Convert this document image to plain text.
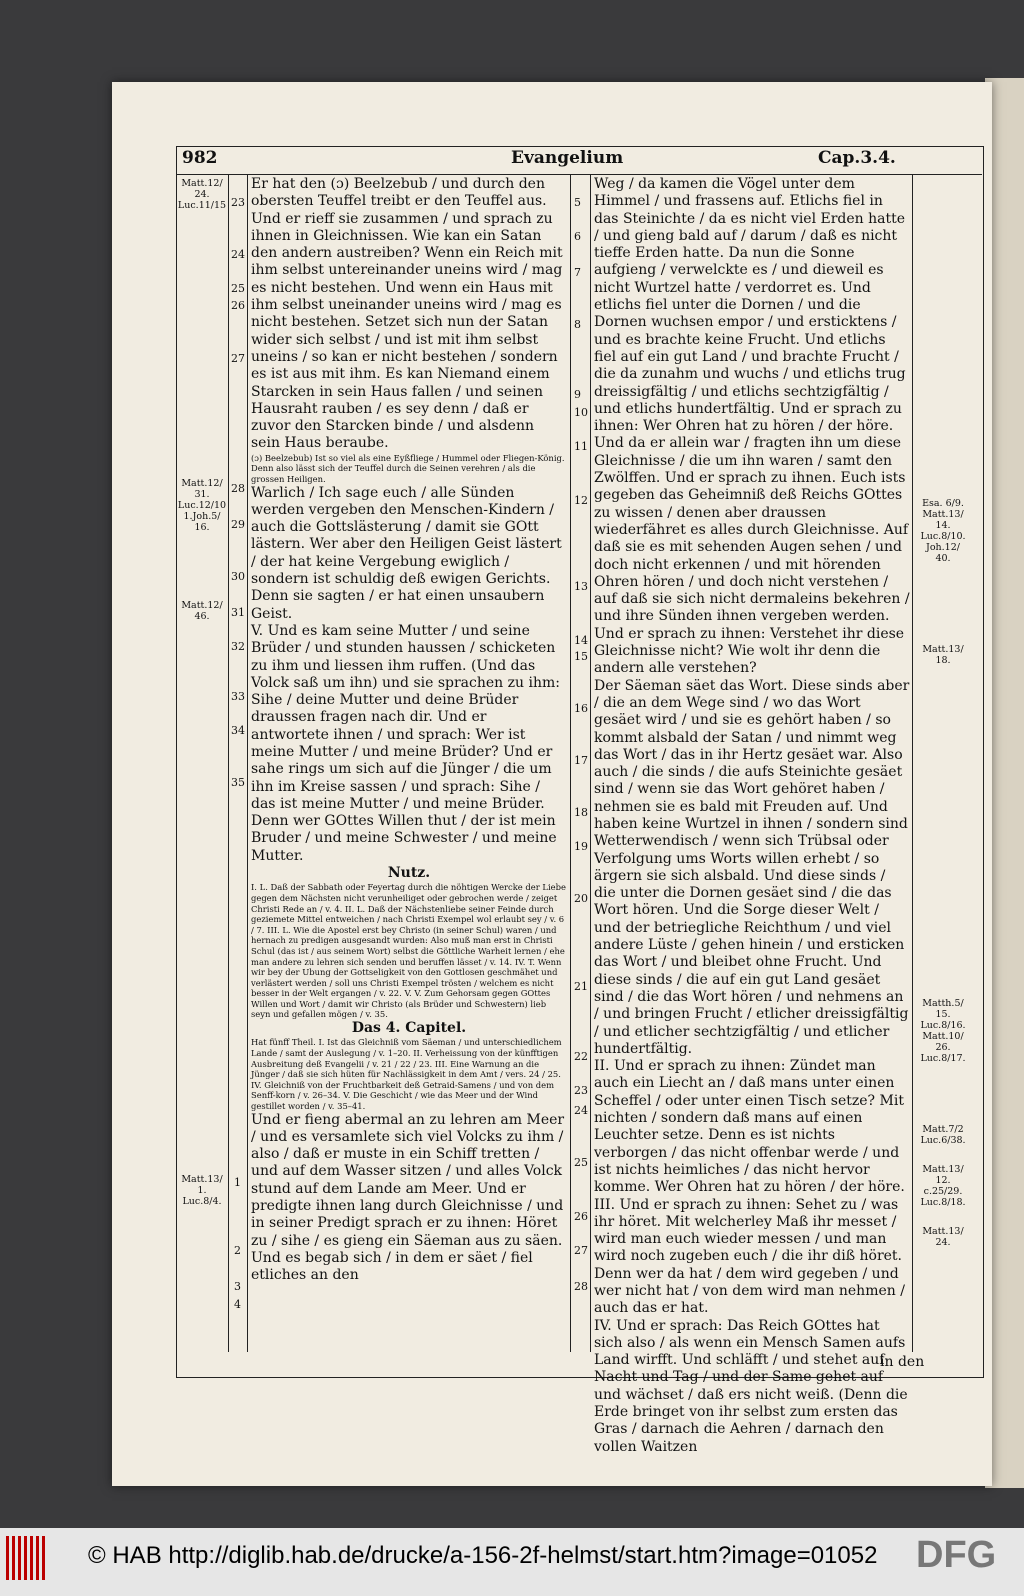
982	Evangelium	Cap.3.4.
Matt.12/
24.
Luc.11/15
Matt.12/
31.
Luc.12/10
1.Joh.5/
16.
Matt.12/
46.
Matt.13/
1.
Luc.8/4.
23
24
25
26
27
28
29
30
31
32
33
34
35
1
2
3
4

Er hat den (ɔ) Beelzebub / und durch den obersten Teuffel treibt er den Teuffel aus. Und er rieff sie zusammen / und sprach zu ihnen in Gleichnissen. Wie kan ein Satan den andern austreiben? Wenn ein Reich mit ihm selbst untereinander uneins wird / mag es nicht bestehen. Und wenn ein Haus mit ihm selbst uneinander uneins wird / mag es nicht bestehen. Setzet sich nun der Satan wider sich selbst / und ist mit ihm selbst uneins / so kan er nicht bestehen / sondern es ist aus mit ihm. Es kan Niemand einem Starcken in sein Haus fallen / und seinen Hausraht rauben / es sey denn / daß er zuvor den Starcken binde / und alsdenn sein Haus beraube.

(ɔ) Beelzebub) Ist so viel als eine Eyßfliege / Hummel oder Fliegen-König. Denn also lässt sich der Teuffel durch die Seinen verehren / als die grossen Heiligen.

Warlich / Ich sage euch / alle Sünden werden vergeben den Menschen-Kindern / auch die Gottslästerung / damit sie GOtt lästern. Wer aber den Heiligen Geist lästert / der hat keine Vergebung ewiglich / sondern ist schuldig deß ewigen Gerichts. Denn sie sagten / er hat einen unsaubern Geist.

V. Und es kam seine Mutter / und seine Brüder / und stunden haussen / schicketen zu ihm und liessen ihm ruffen. (Und das Volck saß um ihn) und sie sprachen zu ihm: Sihe / deine Mutter und deine Brüder draussen fragen nach dir. Und er antwortete ihnen / und sprach: Wer ist meine Mutter / und meine Brüder? Und er sahe rings um sich auf die Jünger / die um ihn im Kreise sassen / und sprach: Sihe / das ist meine Mutter / und meine Brüder. Denn wer GOttes Willen thut / der ist mein Bruder / und meine Schwester / und meine Mutter.

Nutz.

I. L. Daß der Sabbath oder Feyertag durch die nöhtigen Wercke der Liebe gegen dem Nächsten nicht verunheiliget oder gebrochen werde / zeiget Christi Rede an / v. 4. II. L. Daß der Nächstenliebe seiner Feinde durch geziemete Mittel entweichen / nach Christi Exempel wol erlaubt sey / v. 6 / 7. III. L. Wie die Apostel erst bey Christo (in seiner Schul) waren / und hernach zu predigen ausgesandt wurden: Also muß man erst in Christi Schul (das ist / aus seinem Wort) selbst die Göttliche Warheit lernen / ehe man andere zu lehren sich senden und beruffen lässet / v. 14. IV. T. Wenn wir bey der Ubung der Gottseligkeit von den Gottlosen geschmähet und verlästert werden / soll uns Christi Exempel trösten / welchem es nicht besser in der Welt ergangen / v. 22. V. V. Zum Gehorsam gegen GOttes Willen und Wort / damit wir Christo (als Brüder und Schwestern) lieb seyn und gefallen mögen / v. 35.

Das 4. Capitel.

Hat fünff Theil. I. Ist das Gleichniß vom Säeman / und unterschiedlichem Lande / samt der Auslegung / v. 1–20. II. Verheissung von der künfftigen Ausbreitung deß Evangelii / v. 21 / 22 / 23. III. Eine Warnung an die Jünger / daß sie sich hüten für Nachlässigkeit in dem Amt / vers. 24 / 25. IV. Gleichniß von der Fruchtbarkeit deß Getraid-Samens / und von dem Senff-korn / v. 26–34. V. Die Geschicht / wie das Meer und der Wind gestillet worden / v. 35–41.

Und er fieng abermal an zu lehren am Meer / und es versamlete sich viel Volcks zu ihm / also / daß er muste in ein Schiff tretten / und auf dem Wasser sitzen / und alles Volck stund auf dem Lande am Meer. Und er predigte ihnen lang durch Gleichnisse / und in seiner Predigt sprach er zu ihnen: Höret zu / sihe / es gieng ein Säeman aus zu säen. Und es begab sich / in dem er säet / fiel etliches an den

5
6
7
8
9
10
11
12
13
14
15
16
17
18
19
20
21
22
23
24
25
26
27
28

Weg / da kamen die Vögel unter dem Himmel / und frassens auf. Etlichs fiel in das Steinichte / da es nicht viel Erden hatte / und gieng bald auf / darum / daß es nicht tieffe Erden hatte. Da nun die Sonne aufgieng / verwelckte es / und dieweil es nicht Wurtzel hatte / verdorret es. Und etlichs fiel unter die Dornen / und die Dornen wuchsen empor / und ersticktens / und es brachte keine Frucht. Und etlichs fiel auf ein gut Land / und brachte Frucht / die da zunahm und wuchs / und etlichs trug dreissigfältig / und etlichs sechtzigfältig / und etlichs hundertfältig. Und er sprach zu ihnen: Wer Ohren hat zu hören / der höre.

Und da er allein war / fragten ihn um diese Gleichnisse / die um ihn waren / samt den Zwölffen. Und er sprach zu ihnen. Euch ists gegeben das Geheimniß deß Reichs GOttes zu wissen / denen aber draussen wiederfähret es alles durch Gleichnisse. Auf daß sie es mit sehenden Augen sehen / und doch nicht erkennen / und mit hörenden Ohren hören / und doch nicht verstehen / auf daß sie sich nicht dermaleins bekehren / und ihre Sünden ihnen vergeben werden. Und er sprach zu ihnen: Verstehet ihr diese Gleichnisse nicht? Wie wolt ihr denn die andern alle verstehen?

Der Säeman säet das Wort. Diese sinds aber / die an dem Wege sind / wo das Wort gesäet wird / und sie es gehört haben / so kommt alsbald der Satan / und nimmt weg das Wort / das in ihr Hertz gesäet war. Also auch / die sinds / die aufs Steinichte gesäet sind / wenn sie das Wort gehöret haben / nehmen sie es bald mit Freuden auf. Und haben keine Wurtzel in ihnen / sondern sind Wetterwendisch / wenn sich Trübsal oder Verfolgung ums Worts willen erhebt / so ärgern sie sich alsbald. Und diese sinds / die unter die Dornen gesäet sind / die das Wort hören. Und die Sorge dieser Welt / und der betriegliche Reichthum / und viel andere Lüste / gehen hinein / und ersticken das Wort / und bleibet ohne Frucht. Und diese sinds / die auf ein gut Land gesäet sind / die das Wort hören / und nehmens an / und bringen Frucht / etlicher dreissigfältig / und etlicher sechtzigfältig / und etlicher hundertfältig.

II. Und er sprach zu ihnen: Zündet man auch ein Liecht an / daß mans unter einen Scheffel / oder unter einen Tisch setze? Mit nichten / sondern daß mans auf einen Leuchter setze. Denn es ist nichts verborgen / das nicht offenbar werde / und ist nichts heimliches / das nicht hervor komme. Wer Ohren hat zu hören / der höre.

III. Und er sprach zu ihnen: Sehet zu / was ihr höret. Mit welcherley Maß ihr messet / wird man euch wieder messen / und man wird noch zugeben euch / die ihr diß höret. Denn wer da hat / dem wird gegeben / und wer nicht hat / von dem wird man nehmen / auch das er hat.

IV. Und er sprach: Das Reich GOttes hat sich also / als wenn ein Mensch Samen aufs Land wirfft. Und schläfft / und stehet auf Nacht und Tag / und der Same gehet auf und wächset / daß ers nicht weiß. (Denn die Erde bringet von ihr selbst zum ersten das Gras / darnach die Aehren / darnach den vollen Waitzen

Esa. 6/9.
Matt.13/
14.
Luc.8/10.
Joh.12/
40.
Matt.13/
18.
Matth.5/
15.
Luc.8/16.
Matt.10/
26.
Luc.8/17.
Matt.7/2
Luc.6/38.
Matt.13/
12.
c.25/29.
Luc.8/18.
Matt.13/
24.
in den
© HAB http://diglib.hab.de/drucke/a-156-2f-helmst/start.htm?image=01052 DFG
